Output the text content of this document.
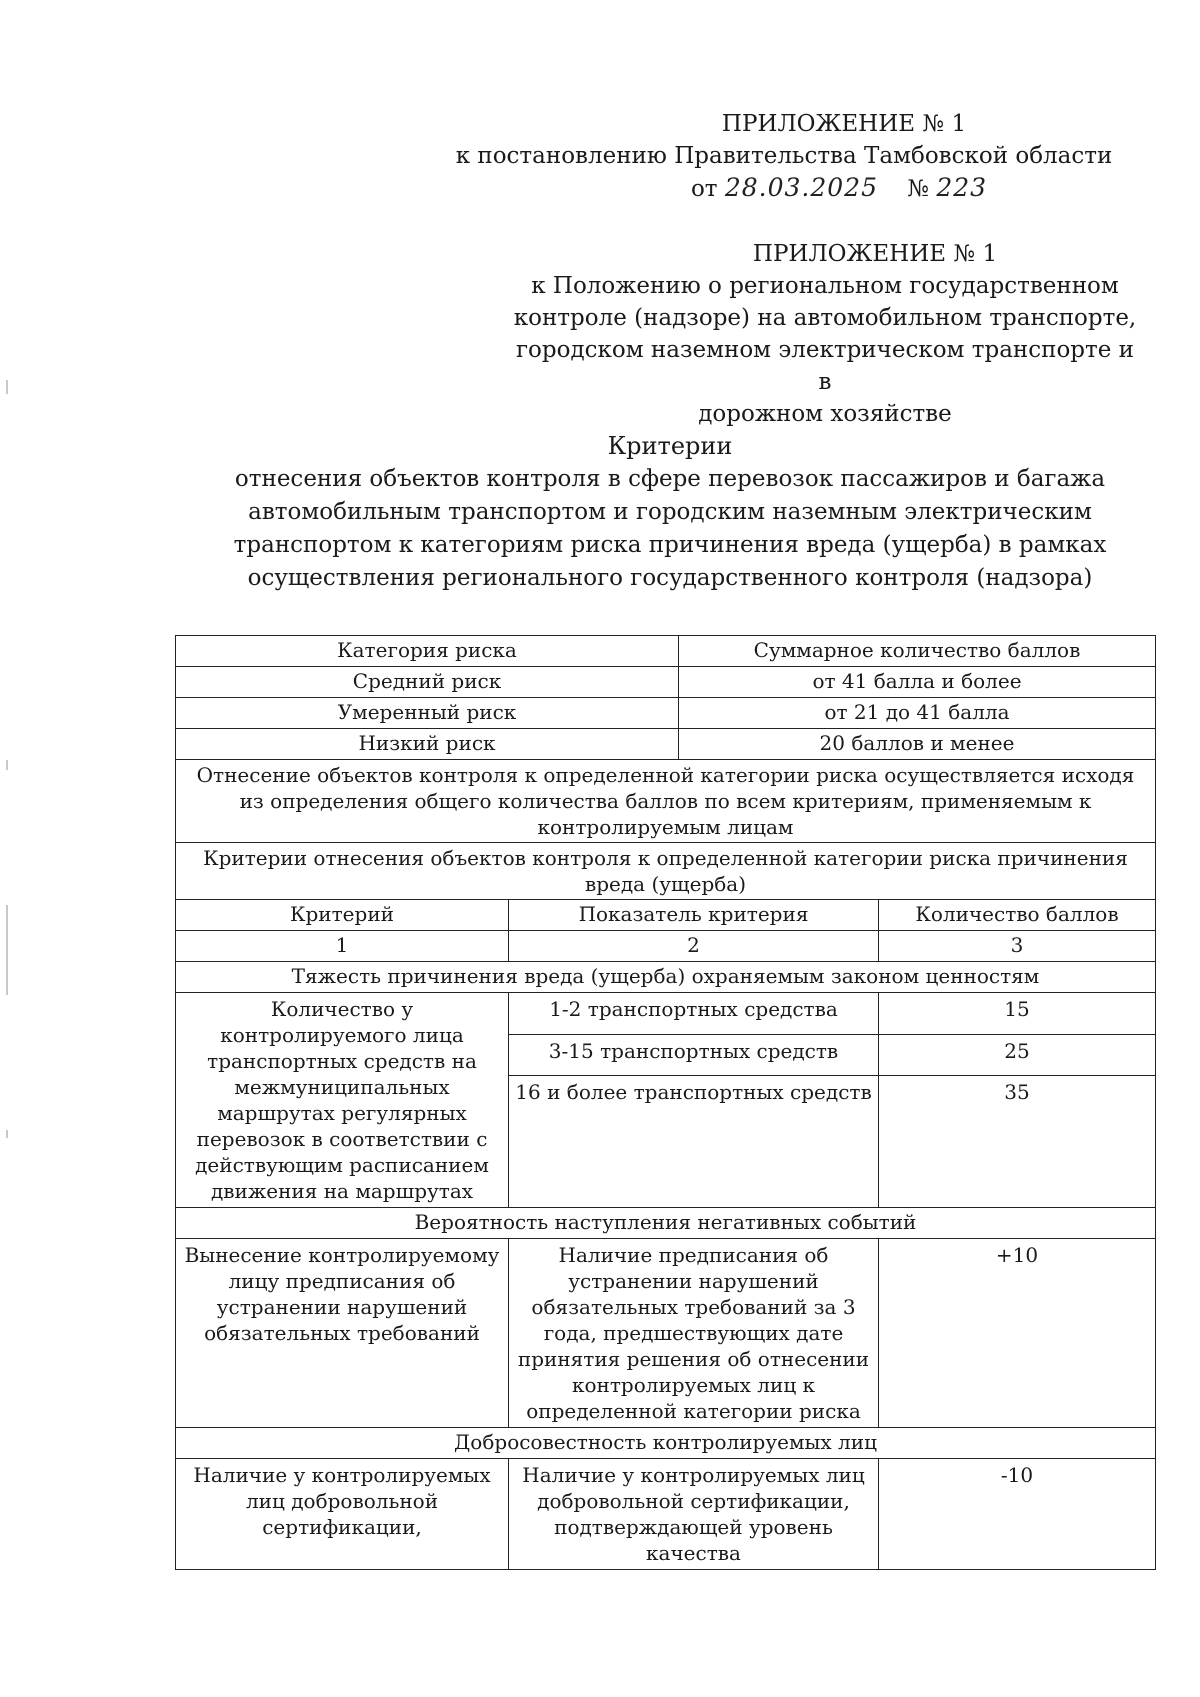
ПРИЛОЖЕНИЕ № 1

к постановлению Правительства Тамбовской области

от 28.03.2025 № 223

ПРИЛОЖЕНИЕ № 1

к Положению о региональном государственном

контроле (надзоре) на автомобильном транспорте,

городском наземном электрическом транспорте и в

дорожном хозяйстве

Критерии

отнесения объектов контроля в сфере перевозок пассажиров и багажа

автомобильным транспортом и городским наземным электрическим

транспортом к категориям риска причинения вреда (ущерба) в рамках

осуществления регионального государственного контроля (надзора)

Категория риска		Суммарное количество баллов	
Средний риск		от 41 балла и более	
Умеренный риск		от 21 до 41 балла	
Низкий риск		20 баллов и менее	
Отнесение объектов контроля к определенной категории риска осуществляется исходя из определения общего количества баллов по всем критериям, применяемым к контролируемым лицам			
Критерии отнесения объектов контроля к определенной категории риска причинения вреда (ущерба)			
Критерий	Показатель критерия		Количество баллов
1	2		3
Тяжесть причинения вреда (ущерба) охраняемым законом ценностям			
Количество у контролируемого лица транспортных средств на межмуниципальных маршрутах регулярных перевозок в соответствии с действующим расписанием движения на маршрутах	1-2 транспортных средства		15
	3-15 транспортных средств		25
	16 и более транспортных средств		35
Вероятность наступления негативных событий			
Вынесение контролируемому лицу предписания об устранении нарушений обязательных требований	Наличие предписания об устранении нарушений обязательных требований за 3 года, предшествующих дате принятия решения об отнесении контролируемых лиц к определенной категории риска		+10
Добросовестность контролируемых лиц			
Наличие у контролируемых лиц добровольной сертификации,	Наличие у контролируемых лиц добровольной сертификации, подтверждающей уровень качества		-10
